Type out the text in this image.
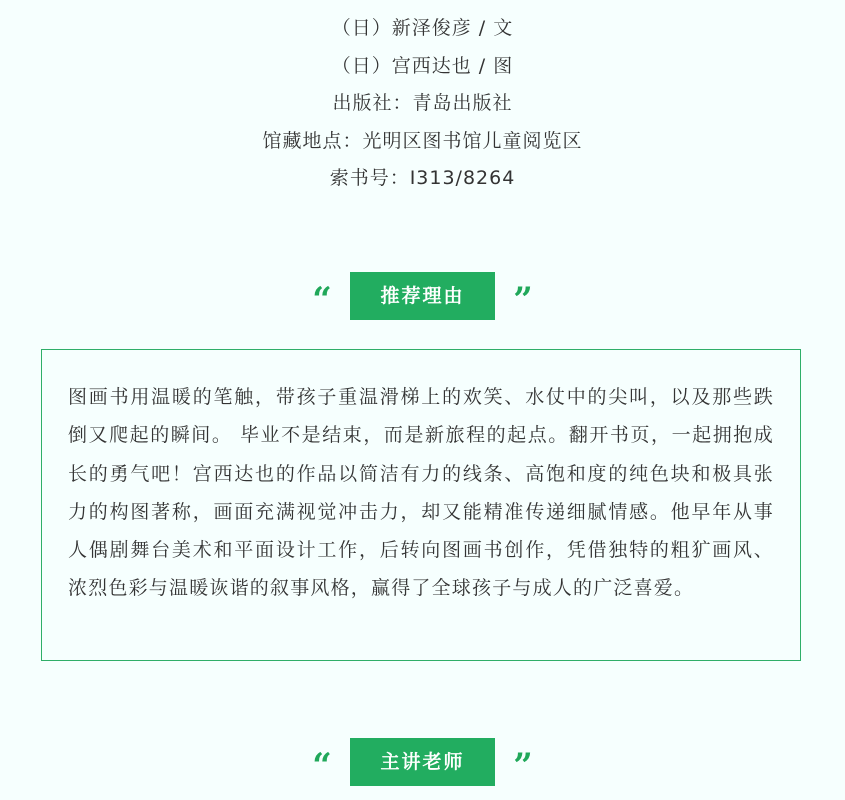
（日）新泽俊彦 / 文
（日）宫西达也 / 图
出版社：青岛出版社
馆藏地点：光明区图书馆儿童阅览区
索书号：I313/8264
“	推荐理由	”
图画书用温暖的笔触，带孩子重温滑梯上的欢笑、水仗中的尖叫，以及那些跌倒又爬起的瞬间。 毕业不是结束，而是新旅程的起点。翻开书页，一起拥抱成长的勇气吧！宫西达也的作品以简洁有力的线条、高饱和度的纯色块和极具张力的构图著称，画面充满视觉冲击力，却又能精准传递细腻情感。他早年从事人偶剧舞台美术和平面设计工作，后转向图画书创作，凭借独特的粗犷画风、浓烈色彩与温暖诙谐的叙事风格，赢得了全球孩子与成人的广泛喜爱。
“	主讲老师	”
